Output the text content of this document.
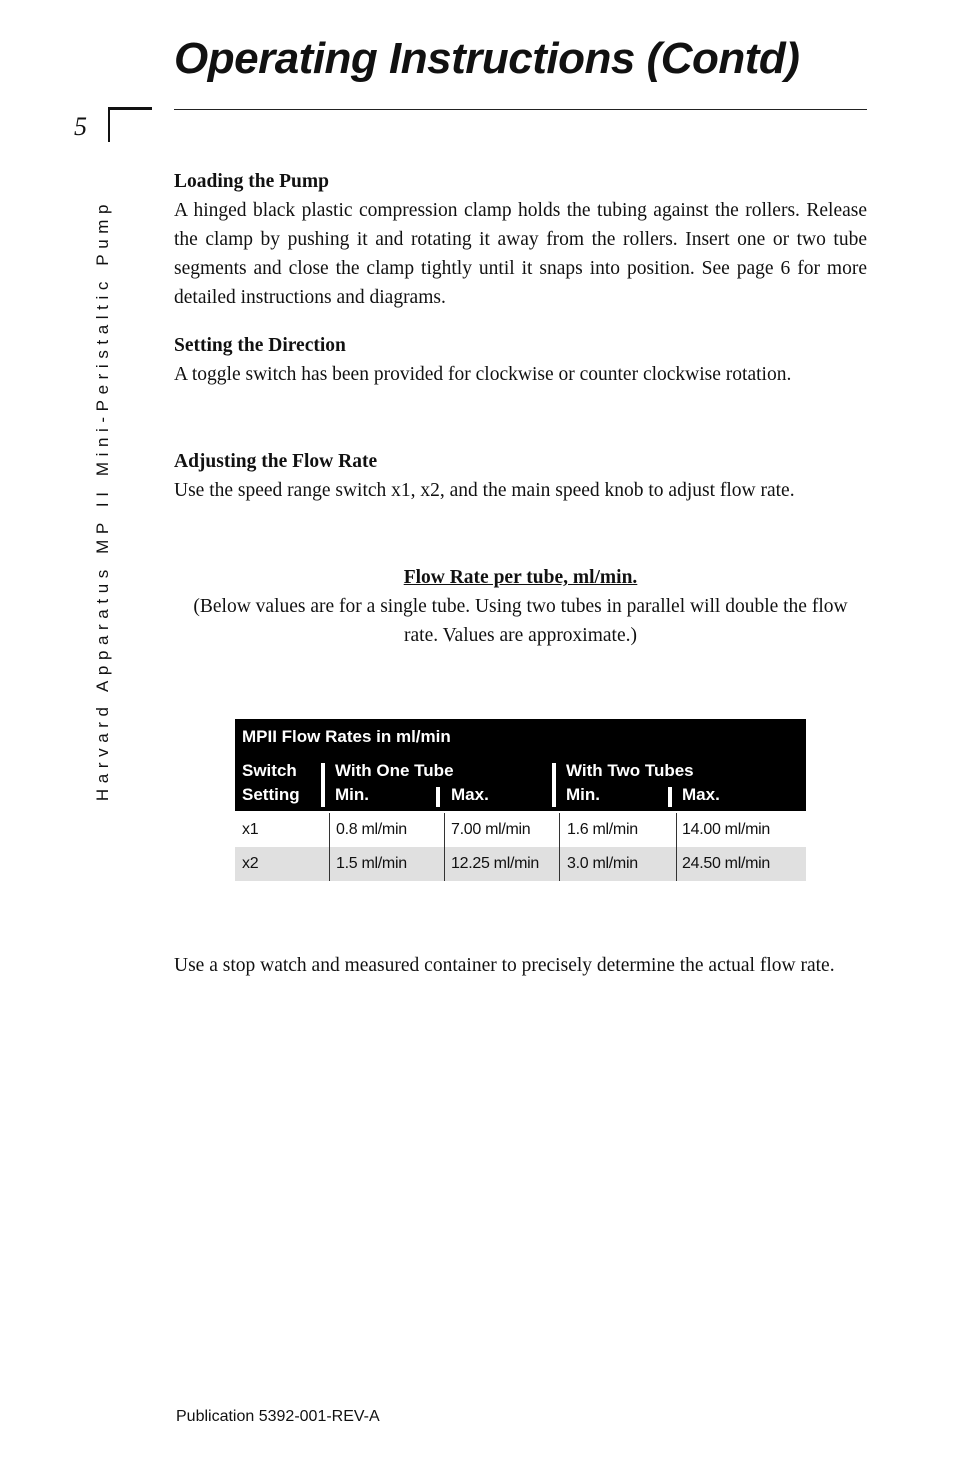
Operating Instructions (Contd)
5
Harvard Apparatus MP II Mini-Peristaltic Pump
Loading the Pump

A hinged black plastic compression clamp holds the tubing against the rollers. Release the clamp by pushing it and rotating it away from the rollers. Insert one or two tube segments and close the clamp tightly until it snaps into position. See page 6 for more detailed instructions and diagrams.

Setting the Direction

A toggle switch has been provided for clockwise or counter clockwise rotation.

Adjusting the Flow Rate

Use the speed range switch x1, x2, and the main speed knob to adjust flow rate.

Flow Rate per tube, ml/min.
(Below values are for a single tube. Using two tubes in parallel will double the flow rate. Values are approximate.)
MPII Flow Rates in ml/min
Switch
Setting
With One Tube
Min.	Max.
With Two Tubes
Min.	Max.
x1	0.8 ml/min	7.00 ml/min 1.6 ml/min	14.00 ml/min
x2	1.5 ml/min	12.25 ml/min 3.0 ml/min	24.50 ml/min

Use a stop watch and measured container to precisely determine the actual flow rate.

Publication 5392-001-REV-A
